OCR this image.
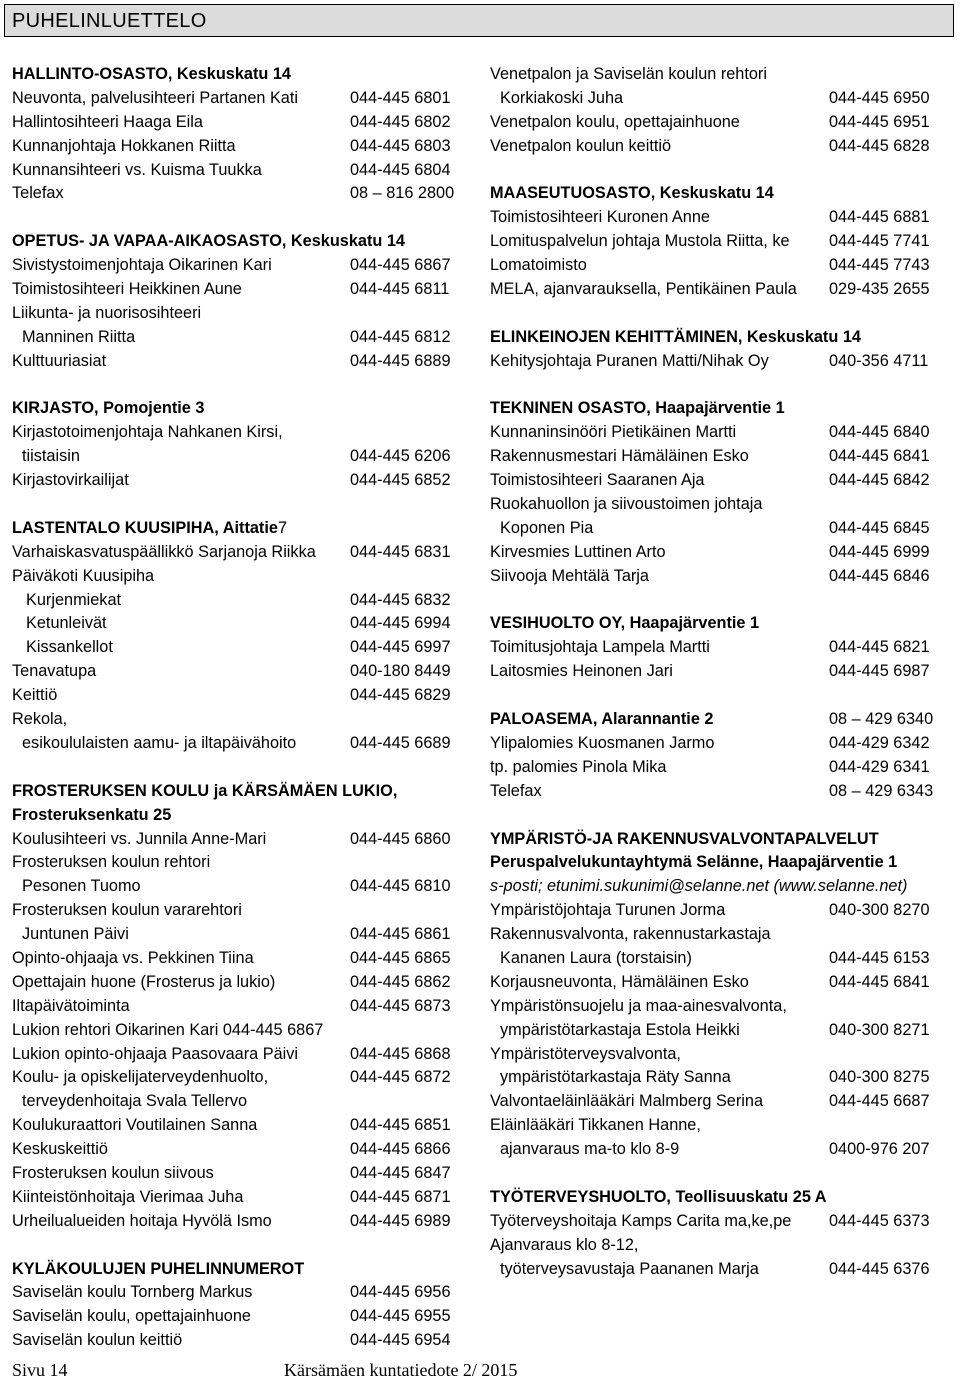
PUHELINLUETTELO
HALLINTO-OSASTO, Keskuskatu 14
Neuvonta, palvelusihteeri Partanen Kati	044-445 6801
Hallintosihteeri Haaga Eila	044-445 6802
Kunnanjohtaja Hokkanen Riitta	044-445 6803
Kunnansihteeri vs. Kuisma Tuukka	044-445 6804
Telefax	08 – 816 2800
OPETUS- JA VAPAA-AIKAOSASTO, Keskuskatu 14
Sivistystoimenjohtaja Oikarinen Kari	044-445 6867
Toimistosihteeri Heikkinen Aune	044-445 6811
Liikunta- ja nuorisosihteeri
Manninen Riitta	044-445 6812
Kulttuuriasiat	044-445 6889
KIRJASTO, Pomojentie 3
Kirjastotoimenjohtaja Nahkanen Kirsi,
tiistaisin	044-445 6206
Kirjastovirkailijat	044-445 6852
LASTENTALO KUUSIPIHA, Aittatie 7
Varhaiskasvatuspäällikkö Sarjanoja Riikka 044-445 6831
Päiväkoti Kuusipiha
Kurjenmiekat	044-445 6832
Ketunleivät	044-445 6994
Kissankellot	044-445 6997
Tenavatupa	040-180 8449
Keittiö	044-445 6829
Rekola,
esikoululaisten aamu- ja iltapäivähoito	044-445 6689
FROSTERUKSEN KOULU ja KÄRSÄMÄEN LUKIO,
Frosteruksenkatu 25
Koulusihteeri vs. Junnila Anne-Mari	044-445 6860
Frosteruksen koulun rehtori
Pesonen Tuomo	044-445 6810
Frosteruksen koulun vararehtori
Juntunen Päivi	044-445 6861
Opinto-ohjaaja vs. Pekkinen Tiina	044-445 6865
Opettajain huone (Frosterus ja lukio)	044-445 6862
Iltapäivätoiminta	044-445 6873
Lukion rehtori Oikarinen Kari 044-445 6867
Lukion opinto-ohjaaja Paasovaara Päivi	044-445 6868
Koulu- ja opiskelijaterveydenhuolto,	044-445 6872
terveydenhoitaja Svala Tellervo
Koulukuraattori Voutilainen Sanna	044-445 6851
Keskuskeittiö	044-445 6866
Frosteruksen koulun siivous	044-445 6847
Kiinteistönhoitaja Vierimaa Juha	044-445 6871
Urheilualueiden hoitaja Hyvölä Ismo	044-445 6989
KYLÄKOULUJEN PUHELINNUMEROT
Saviselän koulu Tornberg Markus	044-445 6956
Saviselän koulu, opettajainhuone	044-445 6955
Saviselän koulun keittiö	044-445 6954
Venetpalon ja Saviselän koulun rehtori
Korkiakoski Juha	044-445 6950
Venetpalon koulu, opettajainhuone	044-445 6951
Venetpalon koulun keittiö	044-445 6828
MAASEUTUOSASTO, Keskuskatu 14
Toimistosihteeri Kuronen Anne	044-445 6881
Lomituspalvelun johtaja Mustola Riitta, ke 044-445 7741
Lomatoimisto	044-445 7743
MELA, ajanvarauksella, Pentikäinen Paula 029-435 2655
ELINKEINOJEN KEHITTÄMINEN, Keskuskatu 14
Kehitysjohtaja Puranen Matti/Nihak Oy	040-356 4711
TEKNINEN OSASTO, Haapajärventie 1
Kunnaninsinööri Pietikäinen Martti	044-445 6840
Rakennusmestari Hämäläinen Esko	044-445 6841
Toimistosihteeri Saaranen Aja	044-445 6842
Ruokahuollon ja siivoustoimen johtaja
Koponen Pia	044-445 6845
Kirvesmies Luttinen Arto	044-445 6999
Siivooja Mehtälä Tarja	044-445 6846
VESIHUOLTO OY, Haapajärventie 1
Toimitusjohtaja Lampela Martti	044-445 6821
Laitosmies Heinonen Jari	044-445 6987
PALOASEMA, Alarannantie 2	08 – 429 6340
Ylipalomies Kuosmanen Jarmo	044-429 6342
tp. palomies Pinola Mika	044-429 6341
Telefax	08 – 429 6343
YMPÄRISTÖ-JA RAKENNUSVALVONTAPALVELUT
Peruspalvelukuntayhtymä Selänne, Haapajärventie 1
s-posti; etunimi.sukunimi@selanne.net (www.selanne.net)
Ympäristöjohtaja Turunen Jorma	040-300 8270
Rakennusvalvonta, rakennustarkastaja
Kananen Laura (torstaisin)	044-445 6153
Korjausneuvonta, Hämäläinen Esko	044-445 6841
Ympäristönsuojelu ja maa-ainesvalvonta,
ympäristötarkastaja Estola Heikki	040-300 8271
Ympäristöterveysvalvonta,
ympäristötarkastaja Räty Sanna	040-300 8275
Valvontaeläinlääkäri Malmberg Serina	044-445 6687
Eläinlääkäri Tikkanen Hanne,
ajanvaraus ma-to klo 8-9	0400-976 207
TYÖTERVEYSHUOLTO, Teollisuuskatu 25 A
Työterveyshoitaja Kamps Carita ma,ke,pe 044-445 6373
Ajanvaraus klo 8-12,
työterveysavustaja Paananen Marja	044-445 6376
Sivu 14	Kärsämäen kuntatiedote 2/ 2015
